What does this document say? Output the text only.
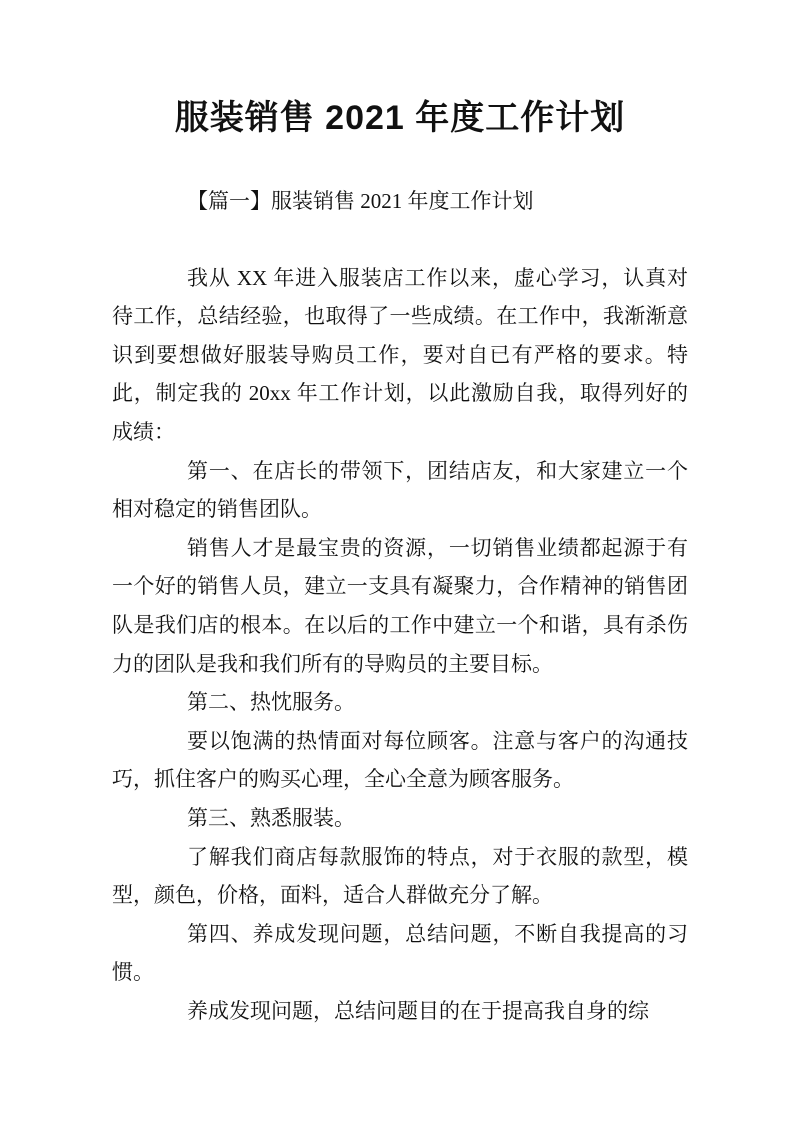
服装销售 2021 年度工作计划

【篇一】服装销售 2021 年度工作计划

我从 XX 年进入服装店工作以来，虚心学习，认真对待工作，总结经验，也取得了一些成绩。在工作中，我渐渐意识到要想做好服装导购员工作，要对自已有严格的要求。特此，制定我的 20xx 年工作计划，以此激励自我，取得列好的成绩：

第一、在店长的带领下，团结店友，和大家建立一个相对稳定的销售团队。

销售人才是最宝贵的资源，一切销售业绩都起源于有一个好的销售人员，建立一支具有凝聚力，合作精神的销售团队是我们店的根本。在以后的工作中建立一个和谐，具有杀伤力的团队是我和我们所有的导购员的主要目标。

第二、热忱服务。

要以饱满的热情面对每位顾客。注意与客户的沟通技巧，抓住客户的购买心理，全心全意为顾客服务。

第三、熟悉服装。

了解我们商店每款服饰的特点，对于衣服的款型，模型，颜色，价格，面料，适合人群做充分了解。

第四、养成发现问题，总结问题，不断自我提高的习惯。

养成发现问题，总结问题目的在于提高我自身的综
